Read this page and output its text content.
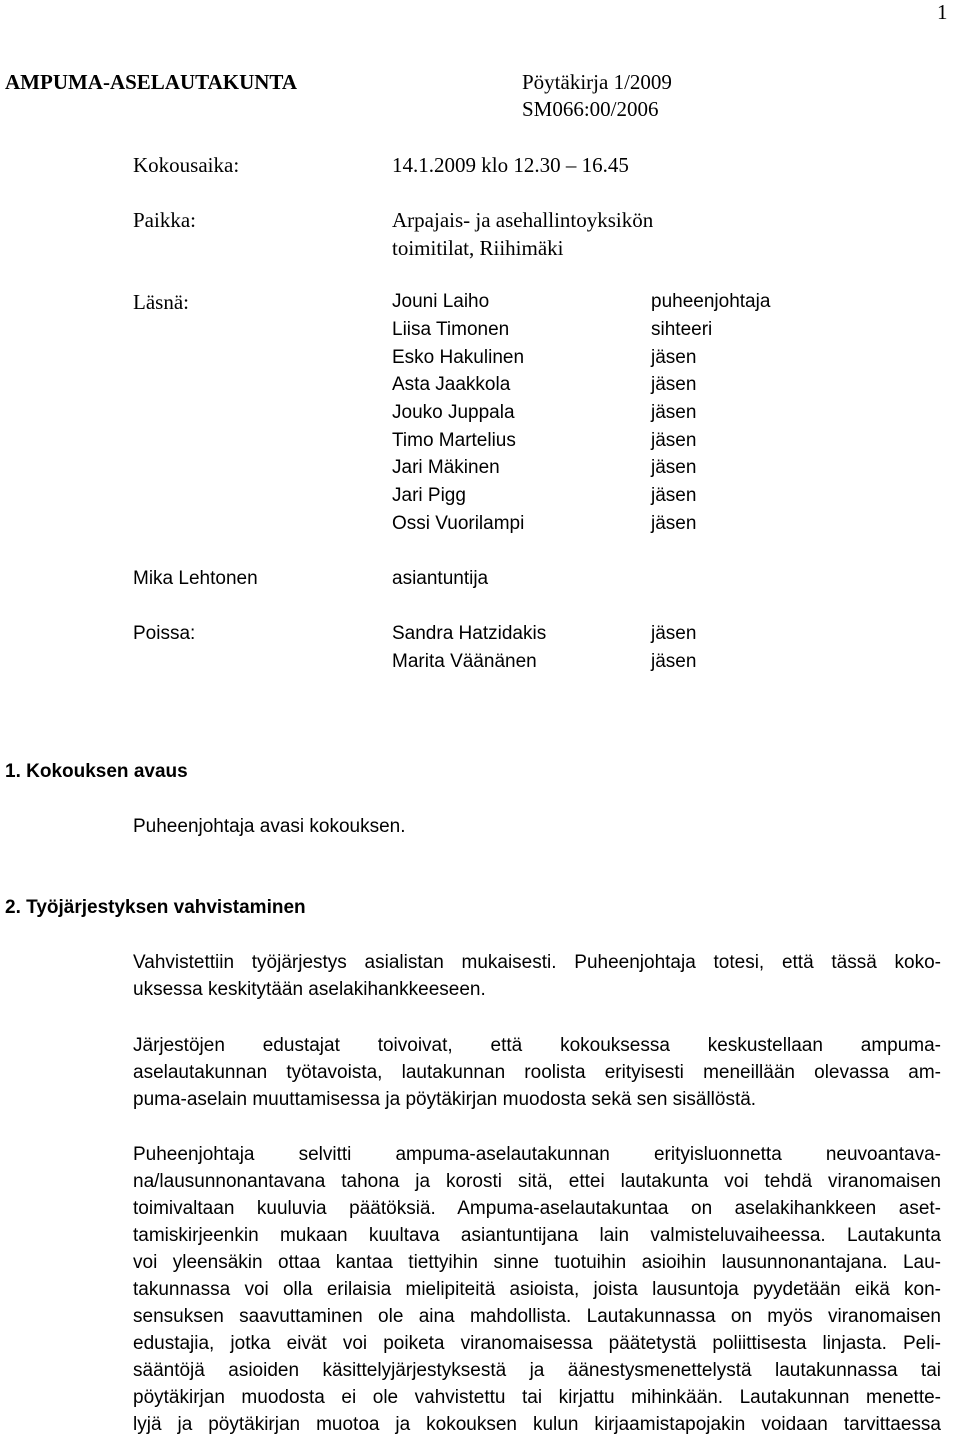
1
AMPUMA-ASELAUTAKUNTA	Pöytäkirja 1/2009
SM066:00/2006
Kokousaika:	14.1.2009 klo 12.30 – 16.45
Paikka:	Arpajais- ja asehallintoyksikön
toimitilat, Riihimäki
Läsnä:	Jouni Laiho	puheenjohtaja
Liisa Timonen	sihteeri
Esko Hakulinen	jäsen
Asta Jaakkola	jäsen
Jouko Juppala	jäsen
Timo Martelius	jäsen
Jari Mäkinen	jäsen
Jari Pigg	jäsen
Ossi Vuorilampi	jäsen
Mika Lehtonen	asiantuntija
Poissa:	Sandra Hatzidakis	jäsen
Marita Väänänen	jäsen
1. Kokouksen avaus
Puheenjohtaja avasi kokouksen.
2. Työjärjestyksen vahvistaminen
Vahvistettiin työjärjestys asialistan mukaisesti. Puheenjohtaja totesi, että tässä koko-
uksessa keskitytään aselakihankkeeseen.
Järjestöjen edustajat toivoivat, että kokouksessa keskustellaan ampuma-
aselautakunnan työtavoista, lautakunnan roolista erityisesti meneillään olevassa am-
puma-aselain muuttamisessa ja pöytäkirjan muodosta sekä sen sisällöstä.
Puheenjohtaja selvitti ampuma-aselautakunnan erityisluonnetta neuvoantava-
na/lausunnonantavana tahona ja korosti sitä, ettei lautakunta voi tehdä viranomaisen
toimivaltaan kuuluvia päätöksiä. Ampuma-aselautakuntaa on aselakihankkeen aset-
tamiskirjeenkin mukaan kuultava asiantuntijana lain valmisteluvaiheessa. Lautakunta
voi yleensäkin ottaa kantaa tiettyihin sinne tuotuihin asioihin lausunnonantajana. Lau-
takunnassa voi olla erilaisia mielipiteitä asioista, joista lausuntoja pyydetään eikä kon-
sensuksen saavuttaminen ole aina mahdollista. Lautakunnassa on myös viranomaisen
edustajia, jotka eivät voi poiketa viranomaisessa päätetystä poliittisesta linjasta. Peli-
sääntöjä asioiden käsittelyjärjestyksestä ja äänestysmenettelystä lautakunnassa tai
pöytäkirjan muodosta ei ole vahvistettu tai kirjattu mihinkään. Lautakunnan menette-
lyjä ja pöytäkirjan muotoa ja kokouksen kulun kirjaamistapojakin voidaan tarvittaessa
